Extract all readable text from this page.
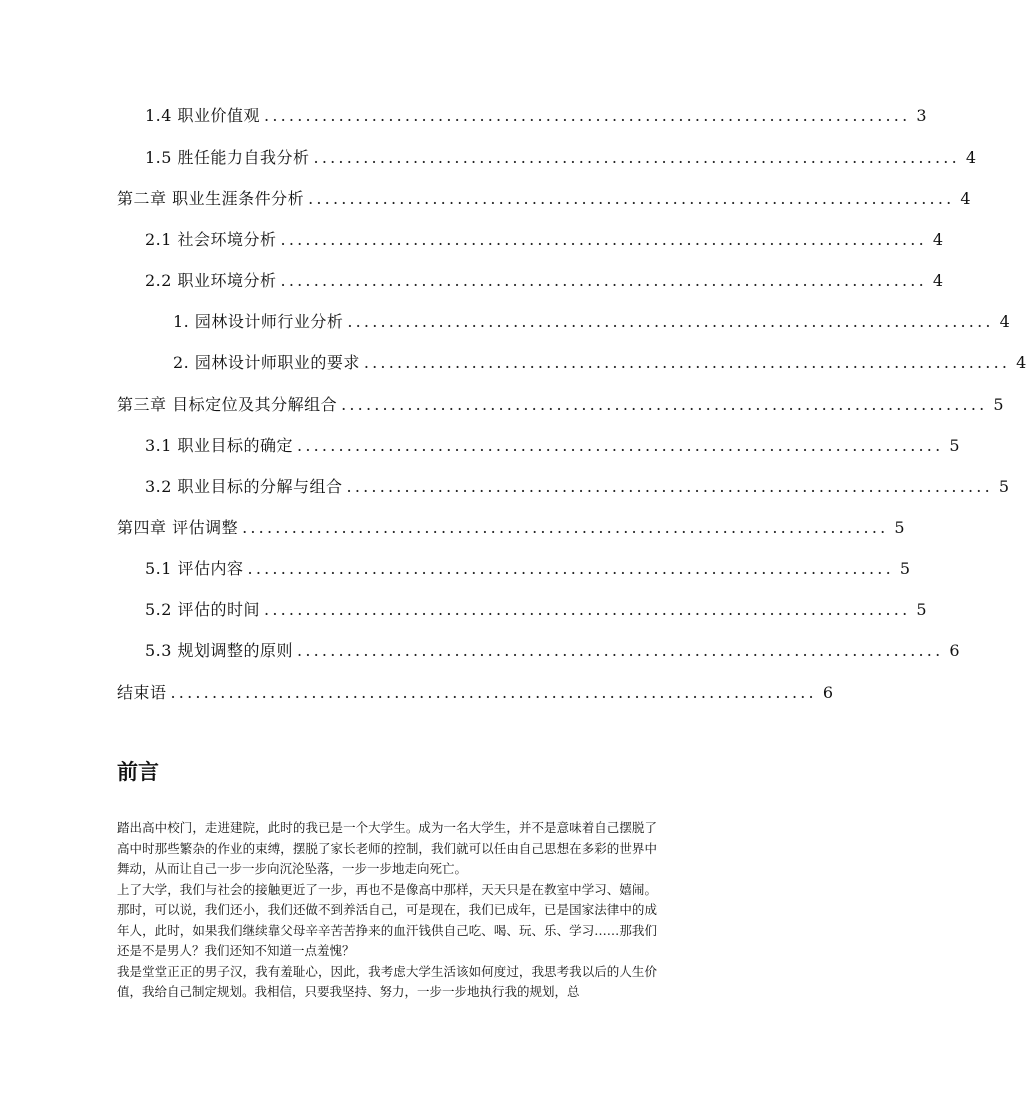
1.4 职业价值观 .............................................................................. 3
1.5 胜任能力自我分析 .............................................................................. 4
第二章 职业生涯条件分析 .............................................................................. 4
2.1 社会环境分析 .............................................................................. 4
2.2 职业环境分析 .............................................................................. 4
1. 园林设计师行业分析 .............................................................................. 4
2. 园林设计师职业的要求 .............................................................................. 4
第三章 目标定位及其分解组合 .............................................................................. 5
3.1 职业目标的确定 .............................................................................. 5
3.2 职业目标的分解与组合 .............................................................................. 5
第四章 评估调整 .............................................................................. 5
5.1 评估内容 .............................................................................. 5
5.2 评估的时间 .............................................................................. 5
5.3 规划调整的原则 .............................................................................. 6
结束语 .............................................................................. 6
前言

踏出高中校门，走进建院，此时的我已是一个大学生。成为一名大学生，并不是意味着自己摆脱了高中时那些繁杂的作业的束缚，摆脱了家长老师的控制，我们就可以任由自己思想在多彩的世界中舞动，从而让自己一步一步向沉沦坠落，一步一步地走向死亡。

上了大学，我们与社会的接触更近了一步，再也不是像高中那样，天天只是在教室中学习、嬉闹。那时，可以说，我们还小，我们还做不到养活自己，可是现在，我们已成年，已是国家法律中的成年人，此时，如果我们继续靠父母辛辛苦苦挣来的血汗钱供自己吃、喝、玩、乐、学习……那我们还是不是男人？我们还知不知道一点羞愧？

我是堂堂正正的男子汉，我有羞耻心，因此，我考虑大学生活该如何度过，我思考我以后的人生价值，我给自己制定规划。我相信，只要我坚持、努力，一步一步地执行我的规划，总
